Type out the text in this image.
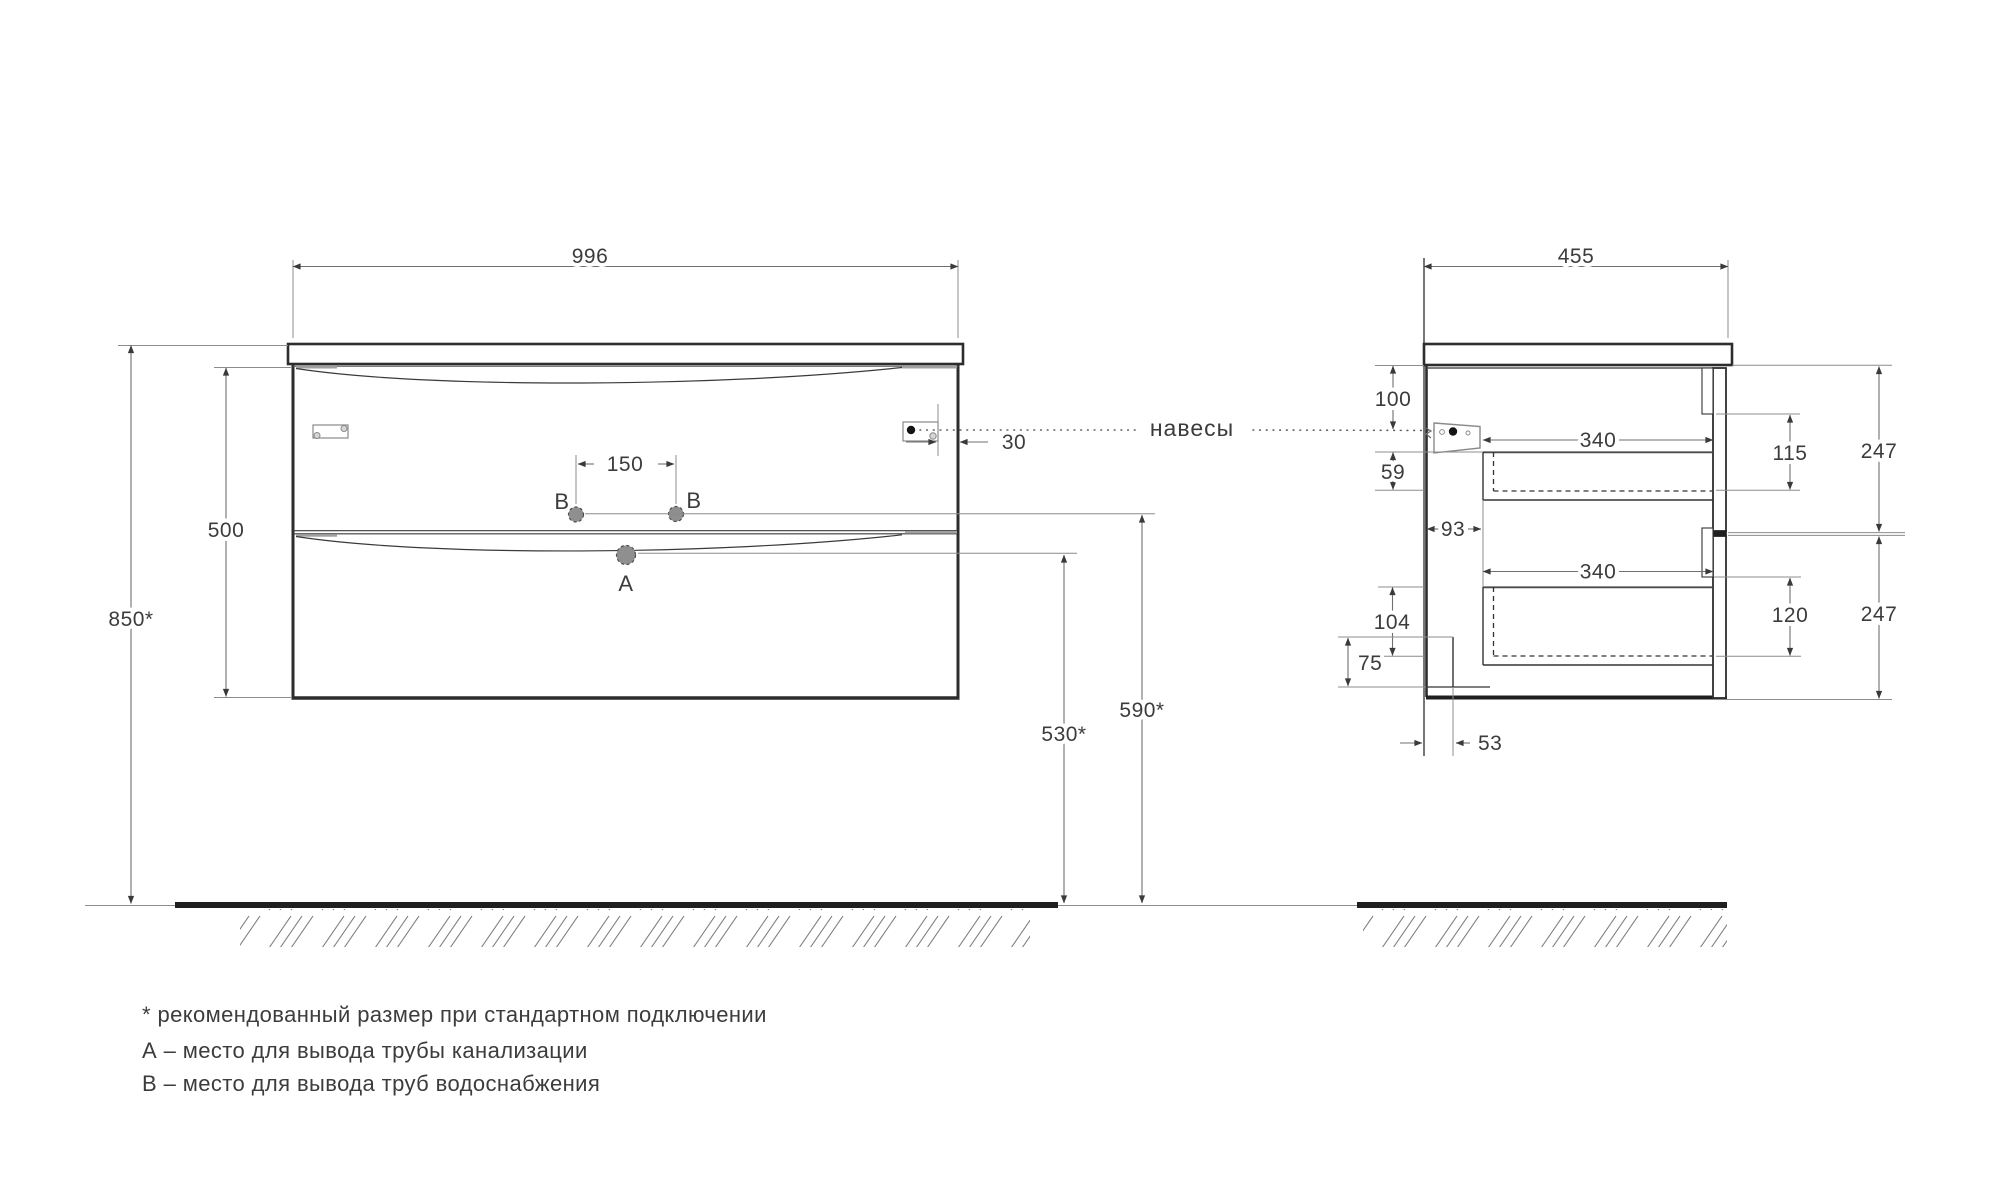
В	В
А
996
850*
500
150
30
530*
590*
навесы
455
100
59
93
340
340
104
75
53
115	247
120 247
* рекомендованный размер при стандартном подключении
А – место для вывода трубы канализации
В – место для вывода труб водоснабжения
